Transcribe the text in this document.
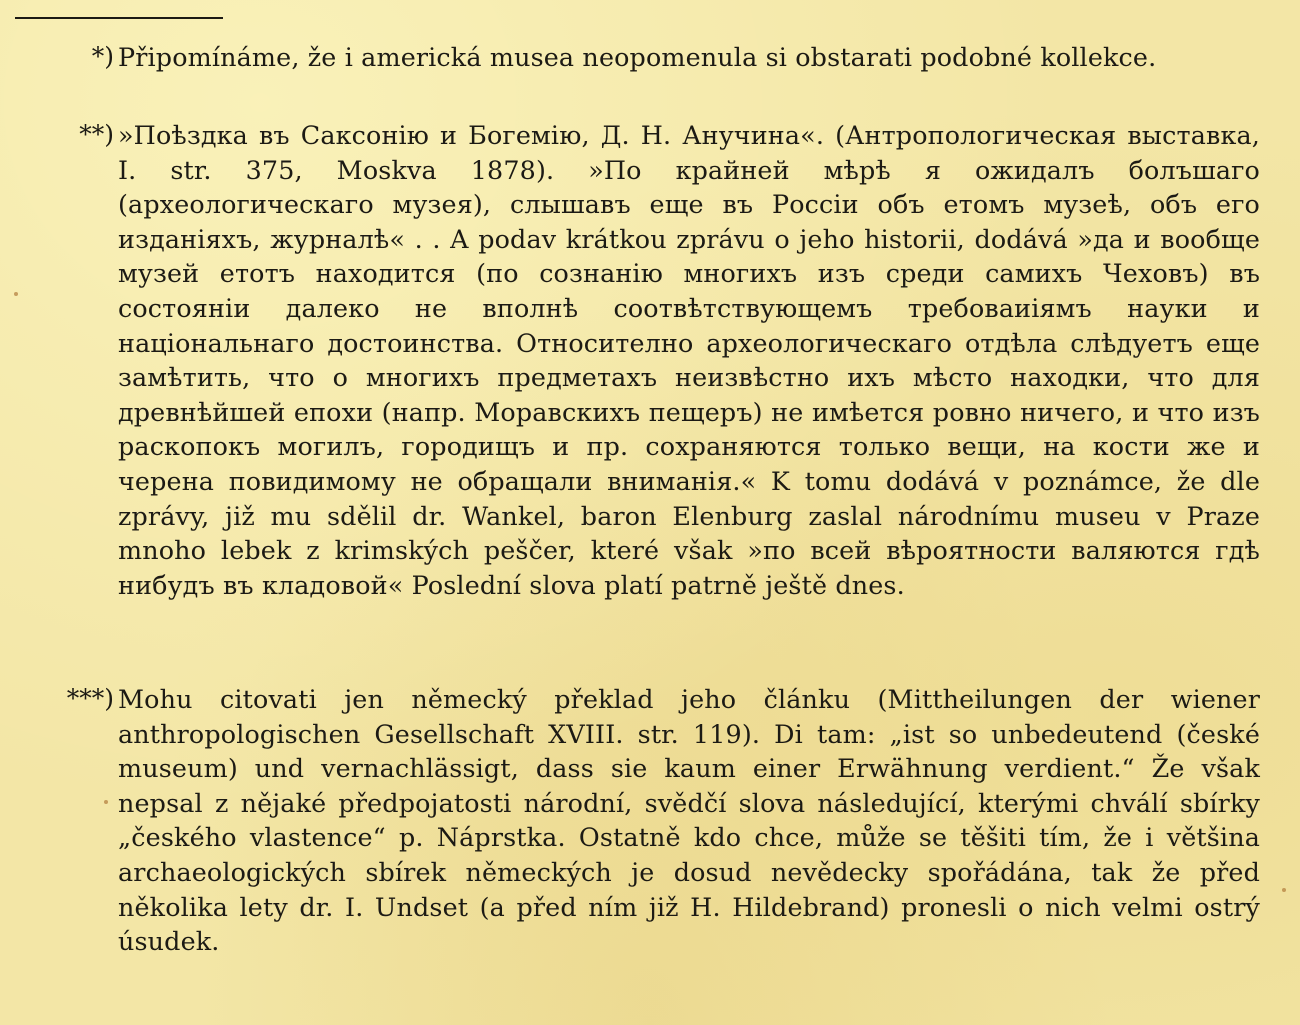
*) Připomínáme, že i americká musea neopomenula si obstarati podobné kollekce.

**) »Поѣздка въ Саксонію и Богемію, Д. Н. Анучина«. (Антропологическая выставка, I. str. 375, Moskva 1878). »По крайней мѣрѣ я ожидалъ болъшаго (археологическаго музея), слышавъ еще въ Россіи объ етомъ музеѣ, объ его изданіяхъ, журналѣ« . . A podav krátkou zprávu o jeho historii, dodává »да и вообще музей етотъ находится (по сознанію многихъ изъ среди самихъ Чеховъ) въ состояніи далеко не вполнѣ соотвѣтствующемъ требоваиіямъ науки и національнаго достоинства. Относително археологическаго отдѣла слѣдуетъ еще замѣтить, что о многихъ предметахъ неизвѣстно ихъ мѣсто находки, что для древнѣйшей епохи (напр. Моравскихъ пещеръ) не имѣется ровно ничего, и что изъ раскопокъ могилъ, городищъ и пр. сохраняются только вещи, на кости же и черена повидимому не обращали вниманія.« K tomu dodává v poznámce, že dle zprávy, již mu sdělil dr. Wankel, baron Elenburg zaslal národnímu museu v Praze mnoho lebek z krimských peščer, které však »по всей вѣроятности валяются гдѣ нибудъ въ кладовой« Poslední slova platí patrně ještě dnes.

***) Mohu citovati jen německý překlad jeho článku (Mittheilungen der wiener anthropologischen Gesellschaft XVIII. str. 119). Di tam: „ist so unbedeutend (české museum) und vernachlässigt, dass sie kaum einer Erwähnung verdient.“ Že však nepsal z nějaké předpojatosti národní, svědčí slova následující, kterými chválí sbírky „českého vlastence“ p. Náprstka. Ostatně kdo chce, může se těšiti tím, že i většina archaeologických sbírek německých je dosud nevědecky spořádána, tak že před několika lety dr. I. Undset (a před ním již H. Hildebrand) pronesli o nich velmi ostrý úsudek.
